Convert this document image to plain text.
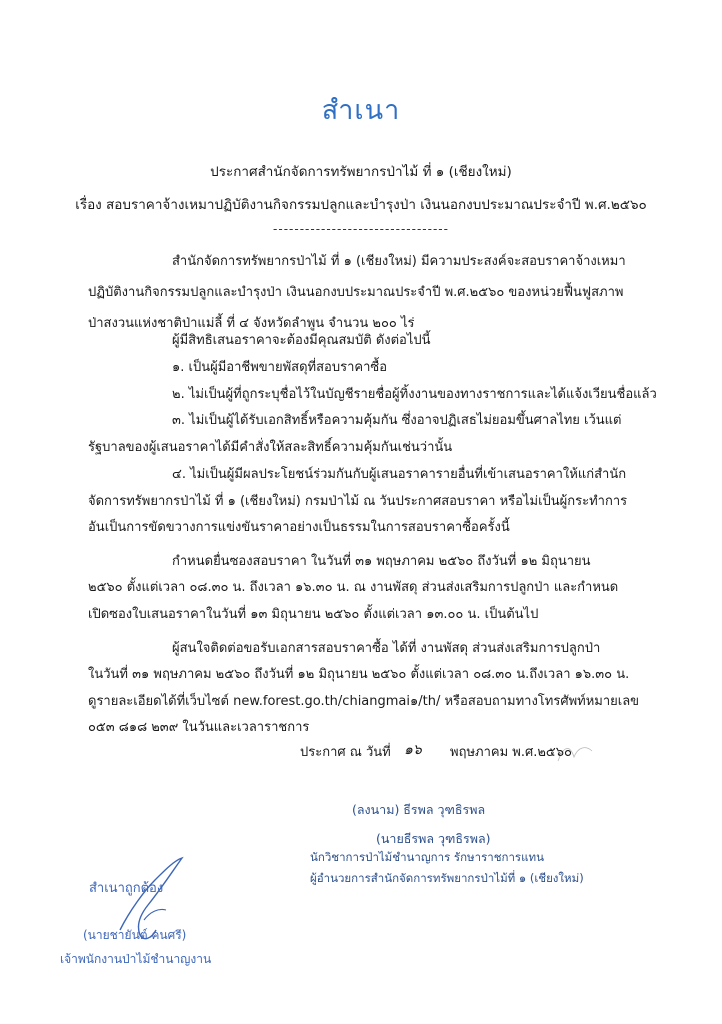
สำเนา
ประกาศสำนักจัดการทรัพยากรป่าไม้ ที่ ๑ (เชียงใหม่)
เรื่อง สอบราคาจ้างเหมาปฏิบัติงานกิจกรรมปลูกและบำรุงป่า เงินนอกงบประมาณประจำปี พ.ศ.๒๕๖๐
---------------------------------
สำนักจัดการทรัพยากรป่าไม้ ที่ ๑ (เชียงใหม่) มีความประสงค์จะสอบราคาจ้างเหมา
ปฏิบัติงานกิจกรรมปลูกและบำรุงป่า เงินนอกงบประมาณประจำปี พ.ศ.๒๕๖๐ ของหน่วยฟื้นฟูสภาพ
ป่าสงวนแห่งชาติป่าแม่ลี้ ที่ ๔ จังหวัดลำพูน จำนวน ๒๐๐ ไร่
ผู้มีสิทธิเสนอราคาจะต้องมีคุณสมบัติ ดังต่อไปนี้
๑. เป็นผู้มีอาชีพขายพัสดุที่สอบราคาซื้อ
๒. ไม่เป็นผู้ที่ถูกระบุชื่อไว้ในบัญชีรายชื่อผู้ทิ้งงานของทางราชการและได้แจ้งเวียนชื่อแล้ว
๓. ไม่เป็นผู้ได้รับเอกสิทธิ์หรือความคุ้มกัน ซึ่งอาจปฏิเสธไม่ยอมขึ้นศาลไทย เว้นแต่
รัฐบาลของผู้เสนอราคาได้มีคำสั่งให้สละสิทธิ์ความคุ้มกันเช่นว่านั้น
๔. ไม่เป็นผู้มีผลประโยชน์ร่วมกันกับผู้เสนอราคารายอื่นที่เข้าเสนอราคาให้แก่สำนัก
จัดการทรัพยากรป่าไม้ ที่ ๑ (เชียงใหม่) กรมป่าไม้ ณ วันประกาศสอบราคา หรือไม่เป็นผู้กระทำการ
อันเป็นการขัดขวางการแข่งขันราคาอย่างเป็นธรรมในการสอบราคาซื้อครั้งนี้
กำหนดยื่นซองสอบราคา ในวันที่ ๓๑ พฤษภาคม ๒๕๖๐ ถึงวันที่ ๑๒ มิถุนายน
๒๕๖๐ ตั้งแต่เวลา ๐๘.๓๐ น. ถึงเวลา ๑๖.๓๐ น. ณ งานพัสดุ ส่วนส่งเสริมการปลูกป่า และกำหนด
เปิดซองใบเสนอราคาในวันที่ ๑๓ มิถุนายน ๒๕๖๐ ตั้งแต่เวลา ๑๓.๐๐ น. เป็นต้นไป
ผู้สนใจติดต่อขอรับเอกสารสอบราคาซื้อ ได้ที่ งานพัสดุ ส่วนส่งเสริมการปลูกป่า
ในวันที่ ๓๑ พฤษภาคม ๒๕๖๐ ถึงวันที่ ๑๒ มิถุนายน ๒๕๖๐ ตั้งแต่เวลา ๐๘.๓๐ น.ถึงเวลา ๑๖.๓๐ น.
ดูรายละเอียดได้ที่เว็บไซต์ new.forest.go.th/chiangmai๑/th/ หรือสอบถามทางโทรศัพท์หมายเลข
๐๕๓ ๘๑๘ ๒๓๙ ในวันและเวลาราชการ
ประกาศ ณ วันที่ ๑๖ พฤษภาคม พ.ศ.๒๕๖๐
(ลงนาม) ธีรพล วุฑธิรพล
(นายธีรพล วุฑธิรพล)
นักวิชาการป่าไม้ชำนาญการ รักษาราชการแทน
ผู้อำนวยการสำนักจัดการทรัพยากรป่าไม้ที่ ๑ (เชียงใหม่)
สำเนาถูกต้อง
(นายชายันต์ คนศรี)
เจ้าพนักงานป่าไม้ชำนาญงาน
